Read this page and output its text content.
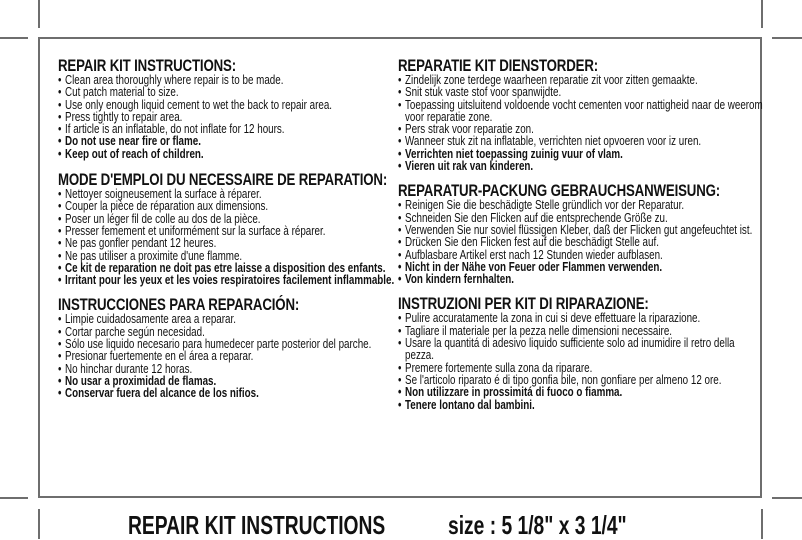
REPAIR KIT INSTRUCTIONS:
• Clean area thoroughly where repair is to be made.
• Cut patch material to size.
• Use only enough liquid cement to wet the back to repair area.
• Press tightly to repair area.
• If article is an inflatable, do not inflate for 12 hours.
• Do not use near fire or flame.
• Keep out of reach of children.
MODE D'EMPLOI DU NECESSAIRE DE REPARATION:
• Nettoyer soigneusement la surface à réparer.
• Couper la pièce de réparation aux dimensions.
• Poser un léger fil de colle au dos de la pièce.
• Presser femement et uniformément sur la surface à réparer.
• Ne pas gonfler pendant 12 heures.
• Ne pas utiliser a proximite d'une flamme.
• Ce kit de reparation ne doit pas etre laisse a disposition des enfants.
• Irritant pour les yeux et les voies respiratoires facilement inflammable.
INSTRUCCIONES PARA REPARACIÓN:
• Limpie cuidadosamente area a reparar.
• Cortar parche según necesidad.
• Sólo use liquido necesario para humedecer parte posterior del parche.
• Presionar fuertemente en el área a reparar.
• No hinchar durante 12 horas.
• No usar a proximidad de flamas.
• Conservar fuera del alcance de los nifios.
REPARATIE KIT DIENSTORDER:
• Zindelijk zone terdege waarheen reparatie zit voor zitten gemaakte.
• Snit stuk vaste stof voor spanwijdte.
• Toepassing uitsluitend voldoende vocht cementen voor nattigheid naar de weerom voor reparatie zone.
• Pers strak voor reparatie zon.
• Wanneer stuk zit na inflatable, verrichten niet opvoeren voor iz uren.
• Verrichten niet toepassing zuinig vuur of vlam.
• Vieren uit rak van kinderen.
REPARATUR-PACKUNG GEBRAUCHSANWEISUNG:
• Reinigen Sie die beschädigte Stelle gründlich vor der Reparatur.
• Schneiden Sie den Flicken auf die entsprechende Größe zu.
• Verwenden Sie nur soviel flüssigen Kleber, daß der Flicken gut angefeuchtet ist.
• Drücken Sie den Flicken fest auf die beschädigt Stelle auf.
• Aufblasbare Artikel erst nach 12 Stunden wieder aufblasen.
• Nicht in der Nähe von Feuer oder Flammen verwenden.
• Von kindern fernhalten.
INSTRUZIONI PER KIT DI RIPARAZIONE:
• Pulire accuratamente la zona in cui si deve effettuare la riparazione.
• Tagliare il materiale per la pezza nelle dimensioni necessaire.
• Usare la quantitá di adesivo liquido sufficiente solo ad inumidire il retro della pezza.
• Premere fortemente sulla zona da riparare.
• Se l'articolo riparato é di tipo gonfia bile, non gonfiare per almeno 12 ore.
• Non utilizzare in prossimitá di fuoco o fiamma.
• Tenere lontano dal bambini.
REPAIR KIT INSTRUCTIONS size : 5 1/8" x 3 1/4"
